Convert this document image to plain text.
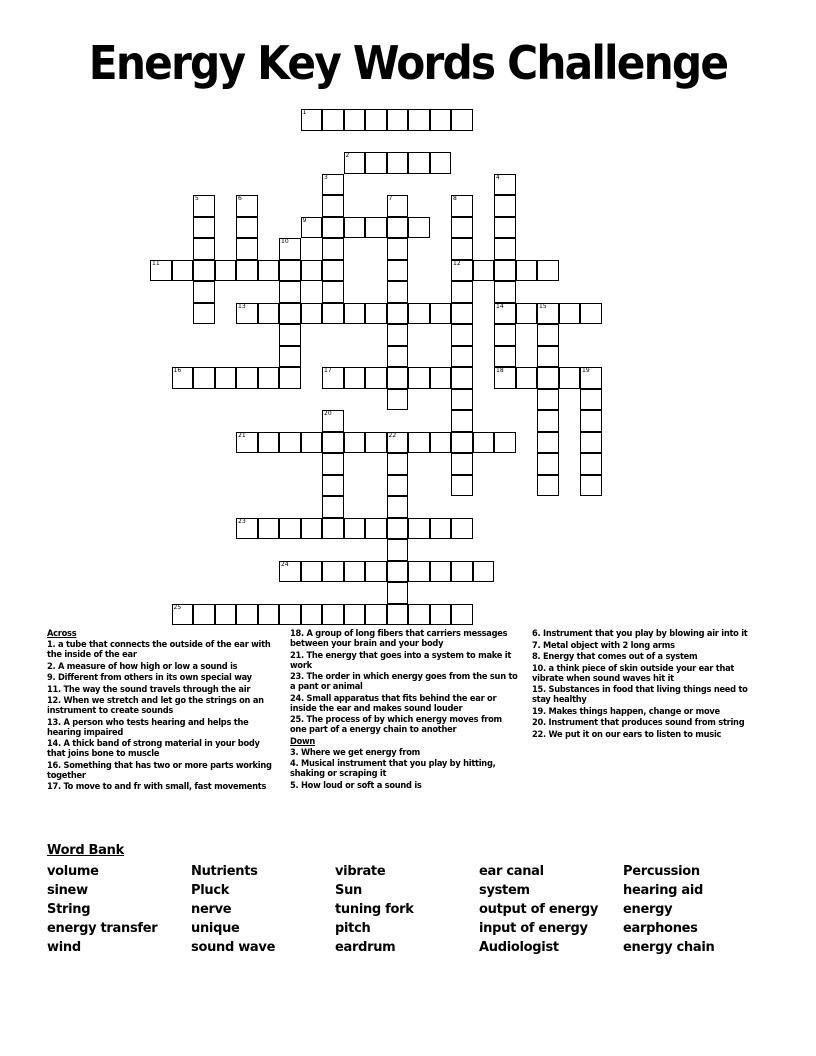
Energy Key Words Challenge
1
2
9
11	12
13	14	15
16	17	18	19
21	22
23
24
25
3	4
5	6	7	8
10
20
Across
1. a tube that connects the outside of the ear with the inside of the ear
2. A measure of how high or low a sound is
9. Different from others in its own special way
11. The way the sound travels through the air
12. When we stretch and let go the strings on an instrument to create sounds
13. A person who tests hearing and helps the hearing impaired
14. A thick band of strong material in your body that joins bone to muscle
16. Something that has two or more parts working together
17. To move to and fr with small, fast movements
18. A group of long fibers that carriers messages between your brain and your body
21. The energy that goes into a system to make it work
23. The order in which energy goes from the sun to a pant or animal
24. Small apparatus that fits behind the ear or inside the ear and makes sound louder
25. The process of by which energy moves from one part of a energy chain to another
Down
3. Where we get energy from
4. Musical instrument that you play by hitting, shaking or scraping it
5. How loud or soft a sound is
6. Instrument that you play by blowing air into it
7. Metal object with 2 long arms
8. Energy that comes out of a system
10. a think piece of skin outside your ear that vibrate when sound waves hit it
15. Substances in food that living things need to stay healthy
19. Makes things happen, change or move
20. Instrument that produces sound from string
22. We put it on our ears to listen to music
Word Bank
volume	Nutrients	vibrate	ear canal	Percussion
sinew	Pluck	Sun	system	hearing aid
String	nerve	tuning fork	output of energy	energy
energy transfer	unique	pitch	input of energy	earphones
wind	sound wave	eardrum	Audiologist	energy chain
